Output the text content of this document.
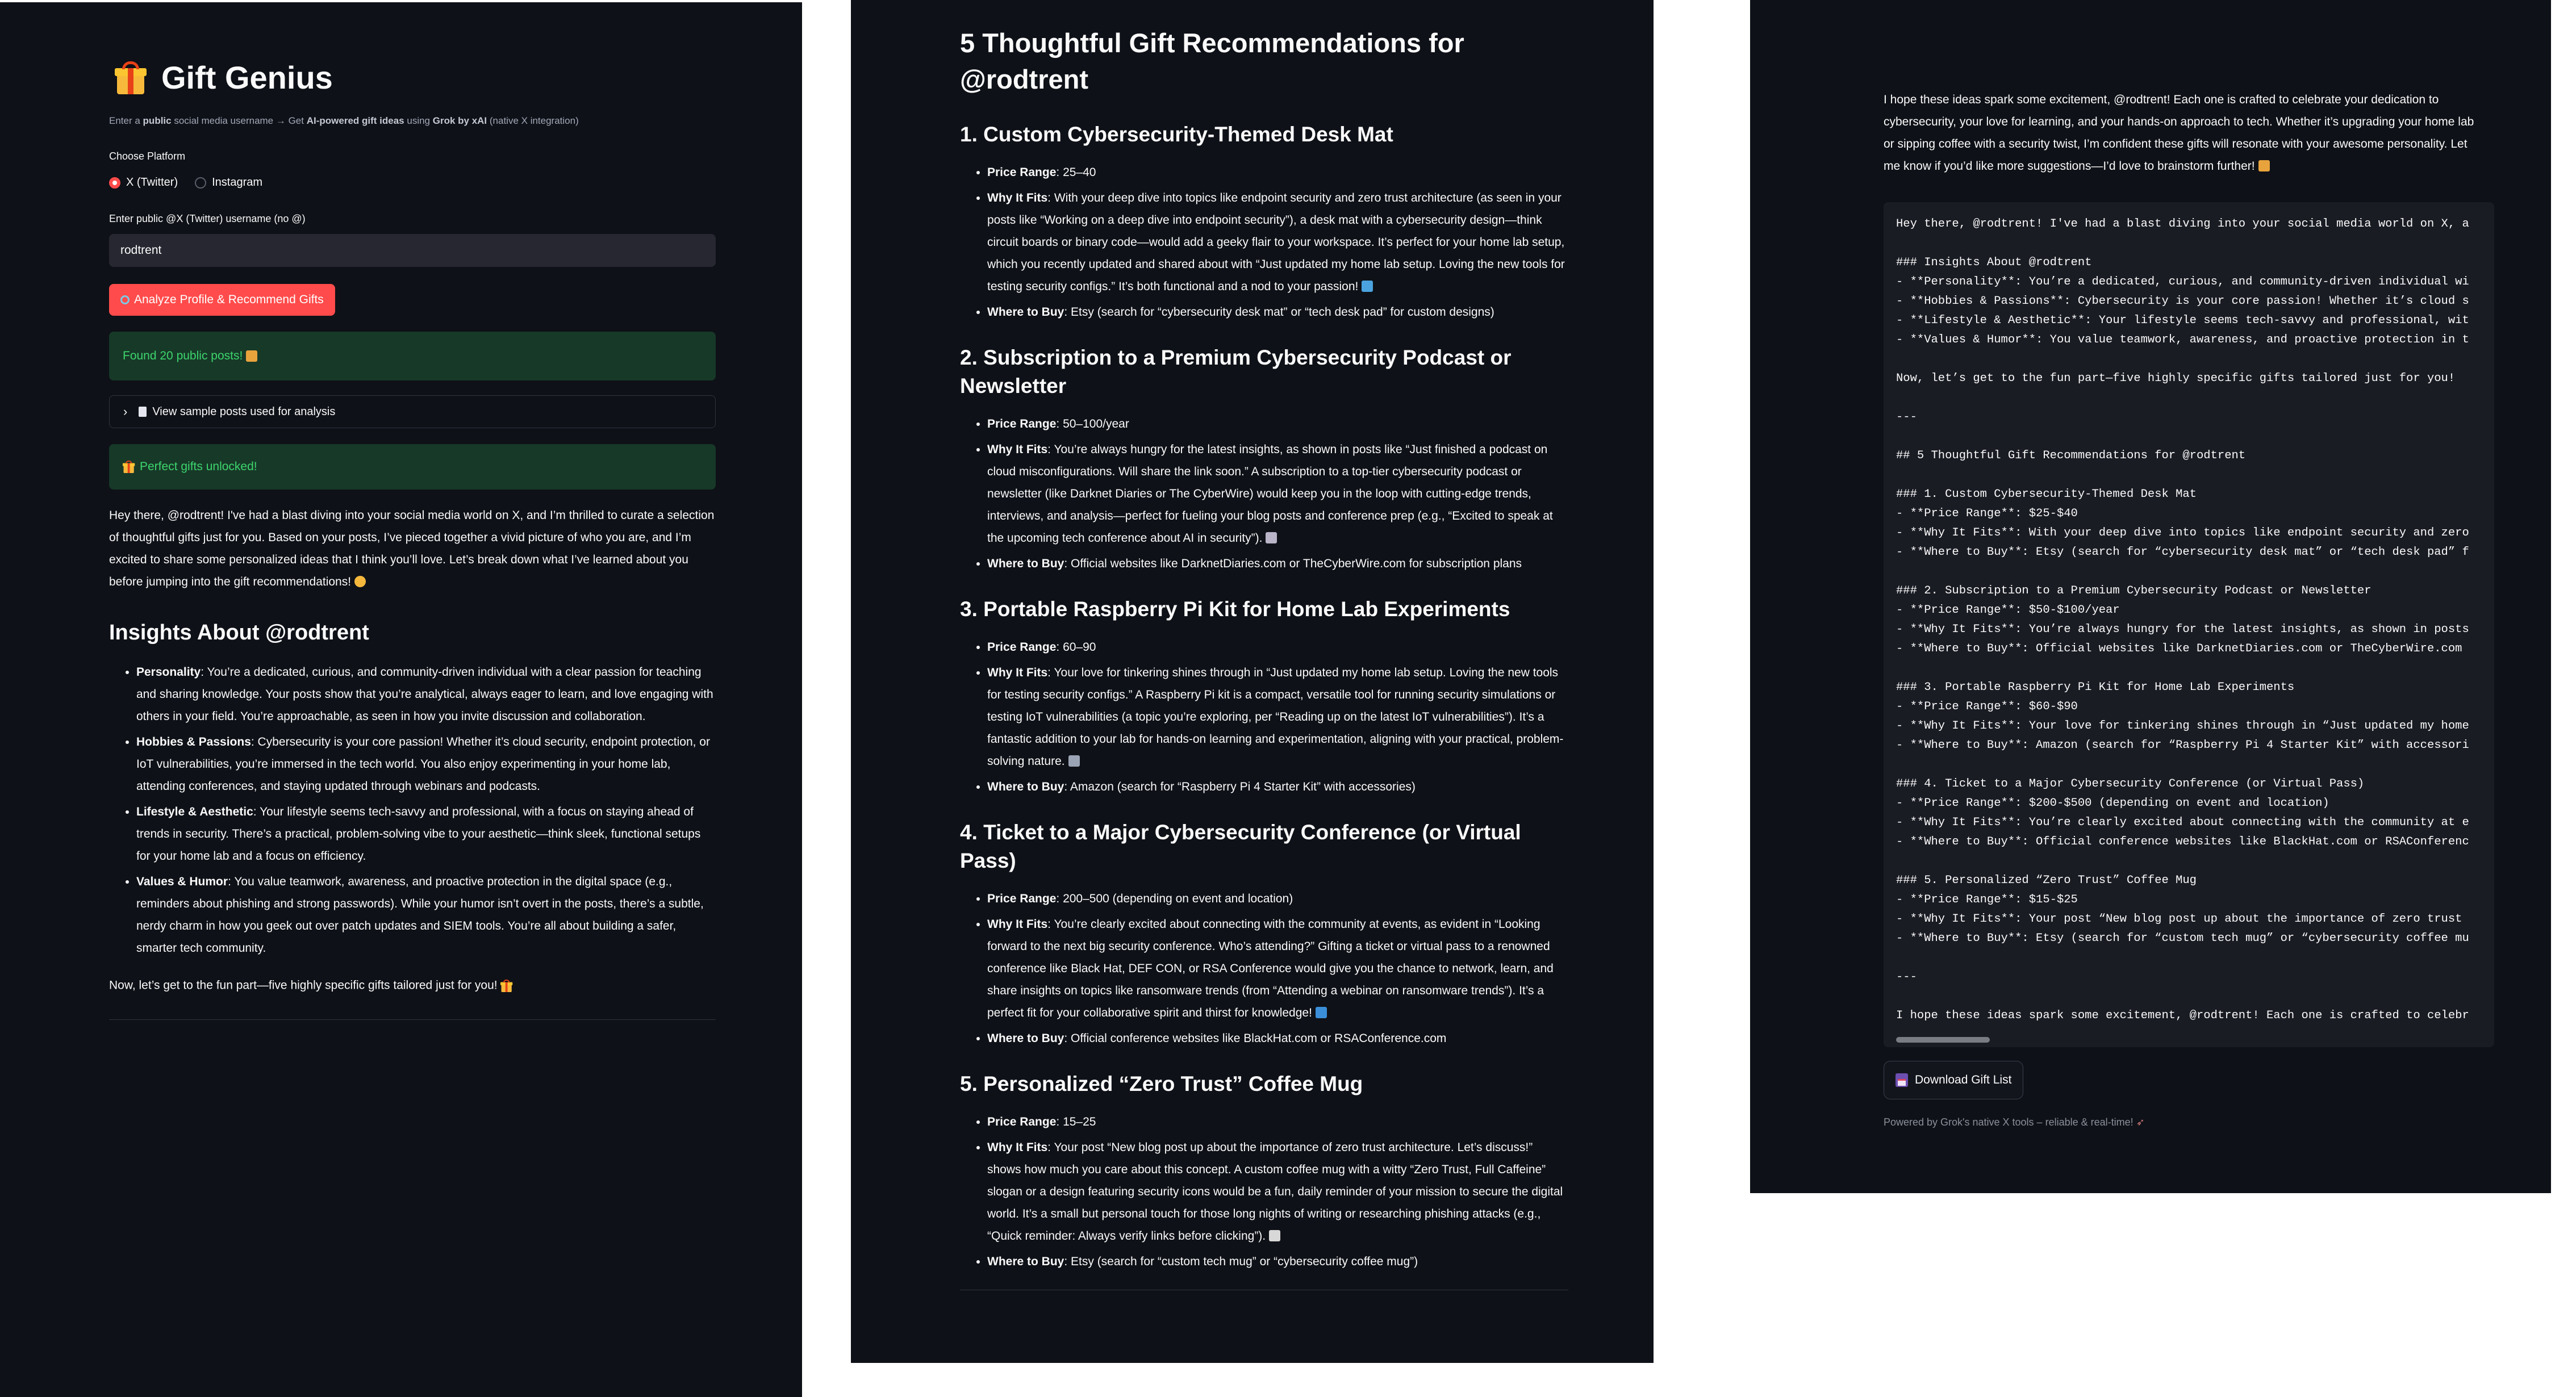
Gift Genius
Enter a public social media username → Get AI-powered gift ideas using Grok by xAI (native X integration)
Choose Platform
X (Twitter)	Instagram
Enter public @X (Twitter) username (no @)
rodtrent
Analyze Profile & Recommend Gifts
Found 20 public posts!
› View sample posts used for analysis
Perfect gifts unlocked!

Hey there, @rodtrent! I've had a blast diving into your social media world on X, and I’m thrilled to curate a selection of thoughtful gifts just for you. Based on your posts, I’ve pieced together a vivid picture of who you are, and I’m excited to share some personalized ideas that I think you’ll love. Let’s break down what I’ve learned about you before jumping into the gift recommendations!

Insights About @rodtrent
• Personality: You’re a dedicated, curious, and community-driven individual with a clear passion for teaching and sharing knowledge. Your posts show that you’re analytical, always eager to learn, and love engaging with others in your field. You’re approachable, as seen in how you invite discussion and collaboration.
• Hobbies & Passions: Cybersecurity is your core passion! Whether it’s cloud security, endpoint protection, or IoT vulnerabilities, you’re immersed in the tech world. You also enjoy experimenting in your home lab, attending conferences, and staying updated through webinars and podcasts.
• Lifestyle & Aesthetic: Your lifestyle seems tech-savvy and professional, with a focus on staying ahead of trends in security. There’s a practical, problem-solving vibe to your aesthetic—think sleek, functional setups for your home lab and a focus on efficiency.
• Values & Humor: You value teamwork, awareness, and proactive protection in the digital space (e.g., reminders about phishing and strong passwords). While your humor isn’t overt in the posts, there’s a subtle, nerdy charm in how you geek out over patch updates and SIEM tools. You’re all about building a safer, smarter tech community.

Now, let’s get to the fun part—five highly specific gifts tailored just for you!

5 Thoughtful Gift Recommendations for @rodtrent
1. Custom Cybersecurity-Themed Desk Mat
• Price Range: 25–40
• Why It Fits: With your deep dive into topics like endpoint security and zero trust architecture (as seen in your posts like “Working on a deep dive into endpoint security”), a desk mat with a cybersecurity design—think circuit boards or binary code—would add a geeky flair to your workspace. It’s perfect for your home lab setup, which you recently updated and shared about with “Just updated my home lab setup. Loving the new tools for testing security configs.” It’s both functional and a nod to your passion!
• Where to Buy: Etsy (search for “cybersecurity desk mat” or “tech desk pad” for custom designs)
2. Subscription to a Premium Cybersecurity Podcast or Newsletter
• Price Range: 50–100/year
• Why It Fits: You’re always hungry for the latest insights, as shown in posts like “Just finished a podcast on cloud misconfigurations. Will share the link soon.” A subscription to a top-tier cybersecurity podcast or newsletter (like Darknet Diaries or The CyberWire) would keep you in the loop with cutting-edge trends, interviews, and analysis—perfect for fueling your blog posts and conference prep (e.g., “Excited to speak at the upcoming tech conference about AI in security”).
• Where to Buy: Official websites like DarknetDiaries.com or TheCyberWire.com for subscription plans
3. Portable Raspberry Pi Kit for Home Lab Experiments
• Price Range: 60–90
• Why It Fits: Your love for tinkering shines through in “Just updated my home lab setup. Loving the new tools for testing security configs.” A Raspberry Pi kit is a compact, versatile tool for running security simulations or testing IoT vulnerabilities (a topic you’re exploring, per “Reading up on the latest IoT vulnerabilities”). It’s a fantastic addition to your lab for hands-on learning and experimentation, aligning with your practical, problem-solving nature.
• Where to Buy: Amazon (search for “Raspberry Pi 4 Starter Kit” with accessories)
4. Ticket to a Major Cybersecurity Conference (or Virtual Pass)
• Price Range: 200–500 (depending on event and location)
• Why It Fits: You’re clearly excited about connecting with the community at events, as evident in “Looking forward to the next big security conference. Who’s attending?” Gifting a ticket or virtual pass to a renowned conference like Black Hat, DEF CON, or RSA Conference would give you the chance to network, learn, and share insights on topics like ransomware trends (from “Attending a webinar on ransomware trends”). It’s a perfect fit for your collaborative spirit and thirst for knowledge!
• Where to Buy: Official conference websites like BlackHat.com or RSAConference.com
5. Personalized “Zero Trust” Coffee Mug
• Price Range: 15–25
• Why It Fits: Your post “New blog post up about the importance of zero trust architecture. Let’s discuss!” shows how much you care about this concept. A custom coffee mug with a witty “Zero Trust, Full Caffeine” slogan or a design featuring security icons would be a fun, daily reminder of your mission to secure the digital world. It’s a small but personal touch for those long nights of writing or researching phishing attacks (e.g., “Quick reminder: Always verify links before clicking”).
• Where to Buy: Etsy (search for “custom tech mug” or “cybersecurity coffee mug”)

I hope these ideas spark some excitement, @rodtrent! Each one is crafted to celebrate your dedication to cybersecurity, your love for learning, and your hands-on approach to tech. Whether it’s upgrading your home lab or sipping coffee with a security twist, I’m confident these gifts will resonate with your awesome personality. Let me know if you’d like more suggestions—I’d love to brainstorm further!

Hey there, @rodtrent! I've had a blast diving into your social media world on X, a

### Insights About @rodtrent
- **Personality**: You’re a dedicated, curious, and community-driven individual wi
- **Hobbies & Passions**: Cybersecurity is your core passion! Whether it’s cloud s
- **Lifestyle & Aesthetic**: Your lifestyle seems tech-savvy and professional, wit
- **Values & Humor**: You value teamwork, awareness, and proactive protection in t

Now, let’s get to the fun part—five highly specific gifts tailored just for you!

---

## 5 Thoughtful Gift Recommendations for @rodtrent

### 1. Custom Cybersecurity-Themed Desk Mat
- **Price Range**: $25-$40
- **Why It Fits**: With your deep dive into topics like endpoint security and zero
- **Where to Buy**: Etsy (search for “cybersecurity desk mat” or “tech desk pad” f

### 2. Subscription to a Premium Cybersecurity Podcast or Newsletter
- **Price Range**: $50-$100/year
- **Why It Fits**: You’re always hungry for the latest insights, as shown in posts
- **Where to Buy**: Official websites like DarknetDiaries.com or TheCyberWire.com

### 3. Portable Raspberry Pi Kit for Home Lab Experiments
- **Price Range**: $60-$90
- **Why It Fits**: Your love for tinkering shines through in “Just updated my home
- **Where to Buy**: Amazon (search for “Raspberry Pi 4 Starter Kit” with accessori

### 4. Ticket to a Major Cybersecurity Conference (or Virtual Pass)
- **Price Range**: $200-$500 (depending on event and location)
- **Why It Fits**: You’re clearly excited about connecting with the community at e
- **Where to Buy**: Official conference websites like BlackHat.com or RSAConferenc

### 5. Personalized “Zero Trust” Coffee Mug
- **Price Range**: $15-$25
- **Why It Fits**: Your post “New blog post up about the importance of zero trust
- **Where to Buy**: Etsy (search for “custom tech mug” or “cybersecurity coffee mu

---

I hope these ideas spark some excitement, @rodtrent! Each one is crafted to celebr
Download Gift List
Powered by Grok's native X tools – reliable & real-time! ➶
